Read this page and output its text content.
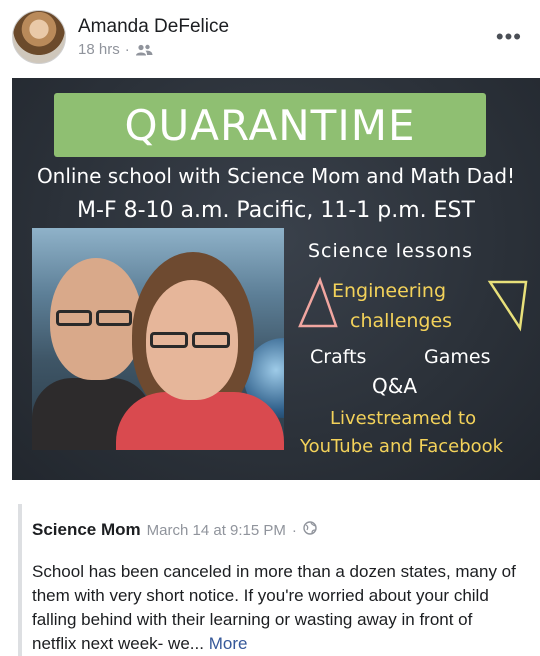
Amanda DeFelice
18 hrs ·
•••
QUARANTIME
Online school with Science Mom and Math Dad!
M-F 8-10 a.m. Pacific, 11-1 p.m. EST
Science lessons
Engineering
challenges
Crafts	Games
Q&A
Livestreamed to
YouTube and Facebook
Science Mom March 14 at 9:15 PM ·
School has been canceled in more than a dozen states, many of them with very short notice. If you're worried about your child falling behind with their learning or wasting away in front of netflix next week- we... More
